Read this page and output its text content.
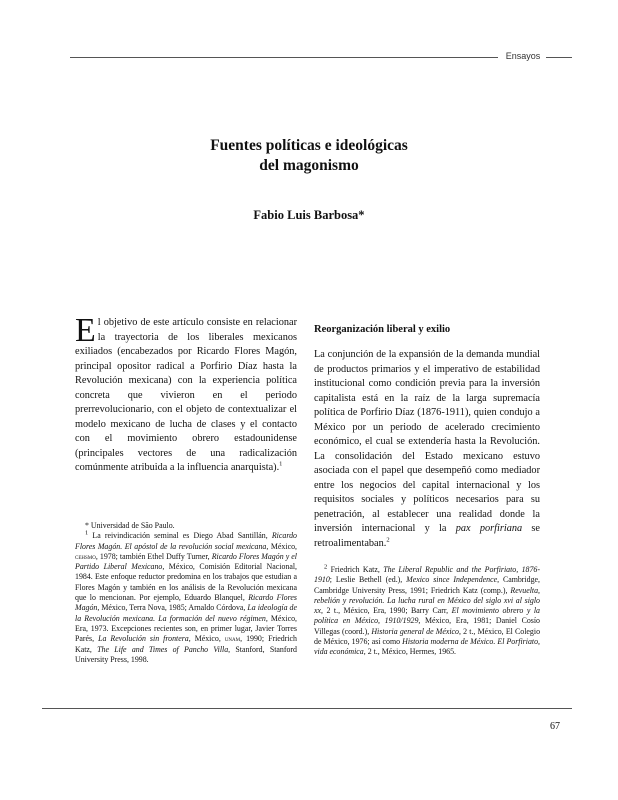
Ensayos
Fuentes políticas e ideológicas
del magonismo
Fabio Luis Barbosa*

El objetivo de este artículo consiste en relacionar la trayectoria de los liberales mexicanos exiliados (encabezados por Ricardo Flores Magón, principal opositor radical a Porfirio Díaz hasta la Revolución mexicana) con la experiencia política concreta que vivieron en el periodo prerrevolucionario, con el objeto de contextualizar el modelo mexicano de lucha de clases y el contacto con el movimiento obrero estadounidense (principales vectores de una radicalización comúnmente atribuida a la influencia anarquista).$^1$

Reorganización liberal y exilio

La conjunción de la expansión de la demanda mundial de productos primarios y el imperativo de estabilidad institucional como condición previa para la inversión capitalista está en la raíz de la larga supremacía política de Porfirio Díaz (1876-1911), quien condujo a México por un periodo de acelerado crecimiento económico, el cual se extendería hasta la Revolución. La consolidación del Estado mexicano estuvo asociada con el papel que desempeñó como mediador entre los negocios del capital internacional y los requisitos sociales y políticos necesarios para su penetración, al establecer una realidad donde la inversión internacional y la pax porfiriana se retroalimentaban.$^2$

* Universidad de São Paulo.

$^1$ La reivindicación seminal es Diego Abad Santillán, Ricardo Flores Magón. El apóstol de la revolución social mexicana, México, cehsmo, 1978; también Ethel Duffy Turner, Ricardo Flores Magón y el Partido Liberal Mexicano, México, Comisión Editorial Nacional, 1984. Este enfoque reductor predomina en los trabajos que estudian a Flores Magón y también en los análisis de la Revolución mexicana que lo mencionan. Por ejemplo, Eduardo Blanquel, Ricardo Flores Magón, México, Terra Nova, 1985; Arnaldo Córdova, La ideología de la Revolución mexicana. La formación del nuevo régimen, México, Era, 1973. Excepciones recientes son, en primer lugar, Javier Torres Parés, La Revolución sin frontera, México, unam, 1990; Friedrich Katz, The Life and Times of Pancho Villa, Stanford, Stanford University Press, 1998.

$^2$ Friedrich Katz, The Liberal Republic and the Porfiriato, 1876-1910; Leslie Bethell (ed.), Mexico since Independence, Cambridge, Cambridge University Press, 1991; Friedrich Katz (comp.), Revuelta, rebelión y revolución. La lucha rural en México del siglo xvi al siglo xx, 2 t., México, Era, 1990; Barry Carr, El movimiento obrero y la política en México, 1910/1929, México, Era, 1981; Daniel Cosío Villegas (coord.), Historia general de México, 2 t., México, El Colegio de México, 1976; así como Historia moderna de México. El Porfiriato, vida económica, 2 t., México, Hermes, 1965.

67
